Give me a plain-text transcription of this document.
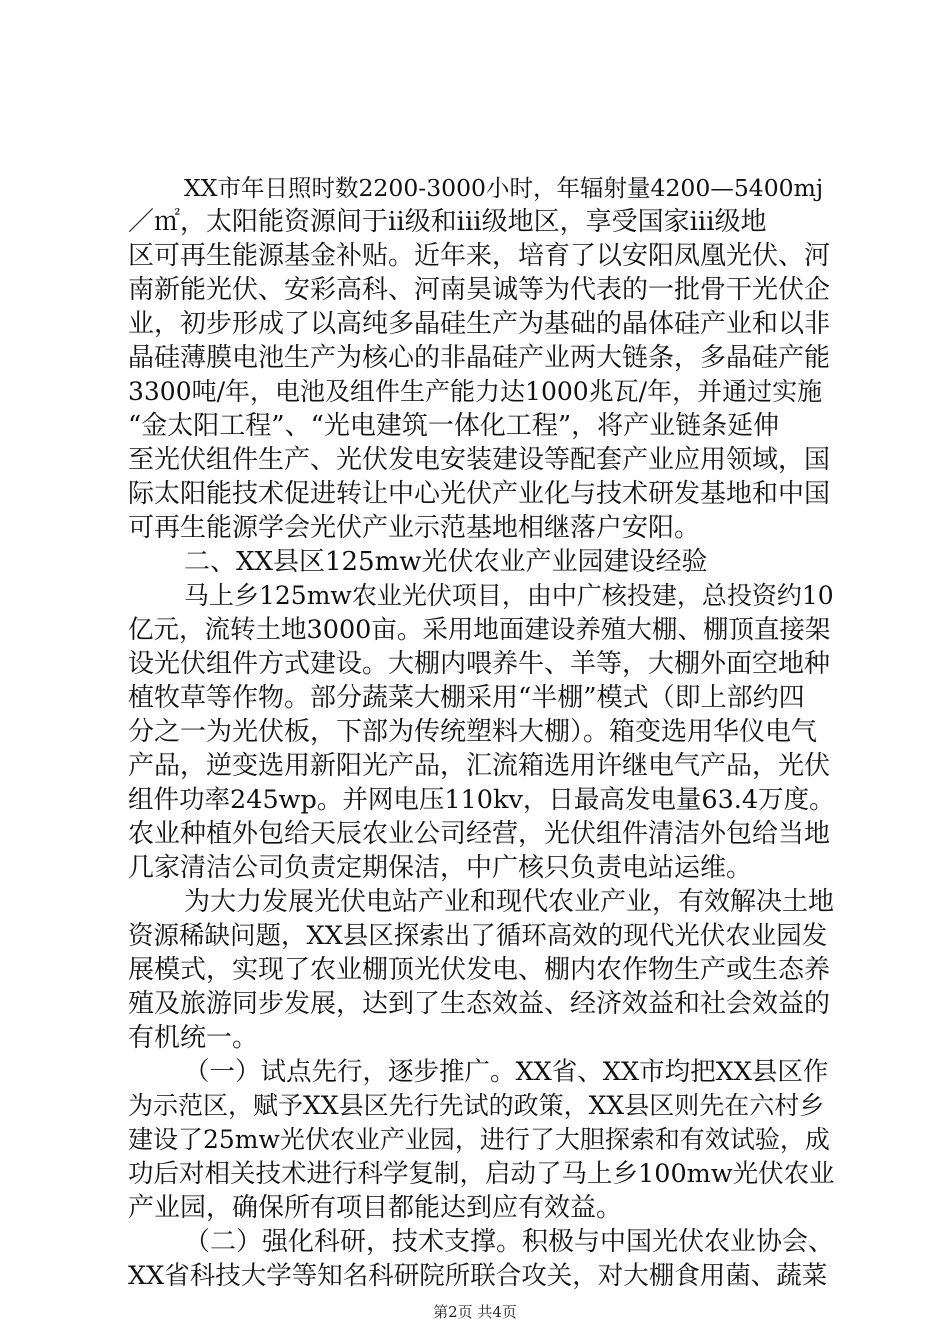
XX市年日照时数2200-3000小时，年辐射量4200—5400mj
／㎡，太阳能资源间于ii级和iii级地区，享受国家iii级地
区可再生能源基金补贴。近年来，培育了以安阳凤凰光伏、河
南新能光伏、安彩高科、河南昊诚等为代表的一批骨干光伏企
业，初步形成了以高纯多晶硅生产为基础的晶体硅产业和以非
晶硅薄膜电池生产为核心的非晶硅产业两大链条，多晶硅产能
3300吨/年，电池及组件生产能力达1000兆瓦/年，并通过实施
“金太阳工程”、“光电建筑一体化工程”，将产业链条延伸
至光伏组件生产、光伏发电安装建设等配套产业应用领域，国
际太阳能技术促进转让中心光伏产业化与技术研发基地和中国
可再生能源学会光伏产业示范基地相继落户安阳。
二、XX县区125mw光伏农业产业园建设经验
马上乡125mw农业光伏项目，由中广核投建，总投资约10
亿元，流转土地3000亩。采用地面建设养殖大棚、棚顶直接架
设光伏组件方式建设。大棚内喂养牛、羊等，大棚外面空地种
植牧草等作物。部分蔬菜大棚采用“半棚”模式（即上部约四
分之一为光伏板，下部为传统塑料大棚）。箱变选用华仪电气
产品，逆变选用新阳光产品，汇流箱选用许继电气产品，光伏
组件功率245wp。并网电压110kv，日最高发电量63.4万度。
农业种植外包给天辰农业公司经营，光伏组件清洁外包给当地
几家清洁公司负责定期保洁，中广核只负责电站运维。
为大力发展光伏电站产业和现代农业产业，有效解决土地
资源稀缺问题，XX县区探索出了循环高效的现代光伏农业园发
展模式，实现了农业棚顶光伏发电、棚内农作物生产或生态养
殖及旅游同步发展，达到了生态效益、经济效益和社会效益的
有机统一。
（一）试点先行，逐步推广。XX省、XX市均把XX县区作
为示范区，赋予XX县区先行先试的政策，XX县区则先在六村乡
建设了25mw光伏农业产业园，进行了大胆探索和有效试验，成
功后对相关技术进行科学复制，启动了马上乡100mw光伏农业
产业园，确保所有项目都能达到应有效益。
（二）强化科研，技术支撑。积极与中国光伏农业协会、
XX省科技大学等知名科研院所联合攻关，对大棚食用菌、蔬菜
第2页 共4页
